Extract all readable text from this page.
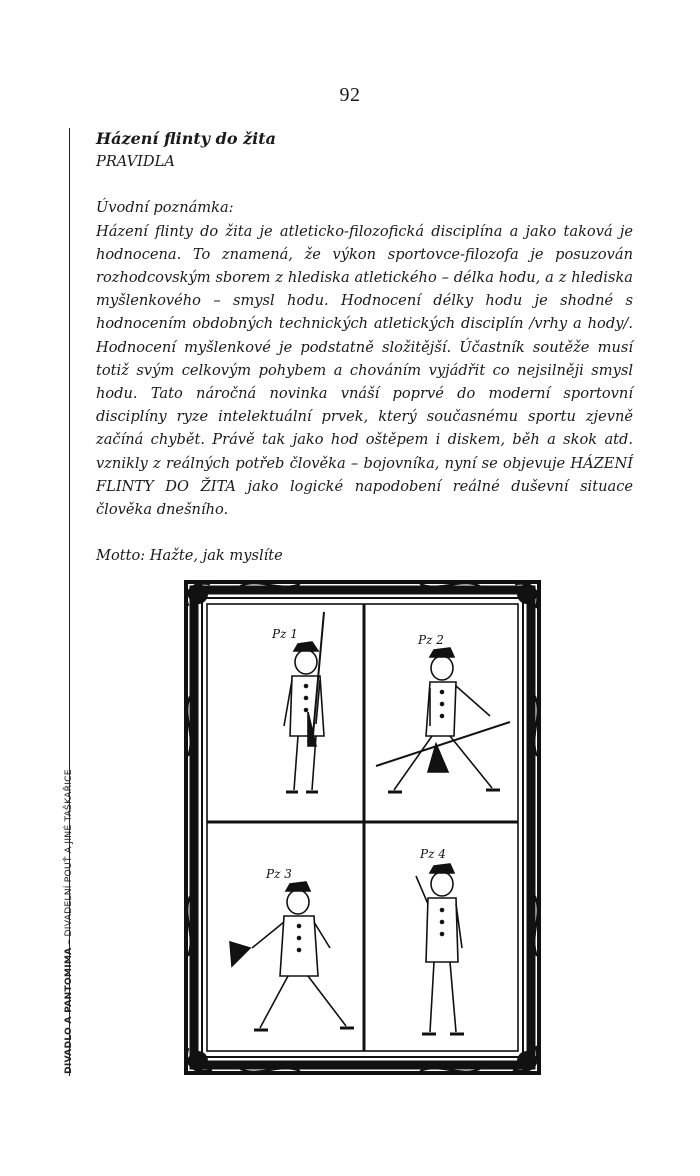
92
DIVADLO A PANTOMIMA – DIVADELNÍ POUŤ A JINÉ TAŠKAŘICE

Házení flinty do žita

PRAVIDLA

Úvodní poznámka:

Házení flinty do žita je atleticko-filozofická disciplína a jako taková je hodnocena. To znamená, že výkon sportovce-filozofa je posuzován rozhodcovským sborem z hlediska atletického – délka hodu, a z hlediska myšlenkového – smysl hodu. Hodnocení délky hodu je shodné s hodnocením obdobných technických atletických disciplín /vrhy a hody/. Hodnocení myšlenkové je podstatně složitější. Účastník soutěže musí totiž svým celkovým pohybem a chováním vyjádřit co nejsilněji smysl hodu. Tato náročná novinka vnáší poprvé do moderní sportovní disciplíny ryze intelektuální prvek, který současnému sportu zjevně začíná chybět. Právě tak jako hod oštěpem i diskem, běh a skok atd. vznikly z reálných potřeb člověka – bojovníka, nyní se objevuje HÁZENÍ FLINTY DO ŽITA jako logické napodobení reálné duševní situace člověka dnešního.

Motto: Hažte, jak myslíte

Pz 1	Pz 2
Pz 3
Pz 4
